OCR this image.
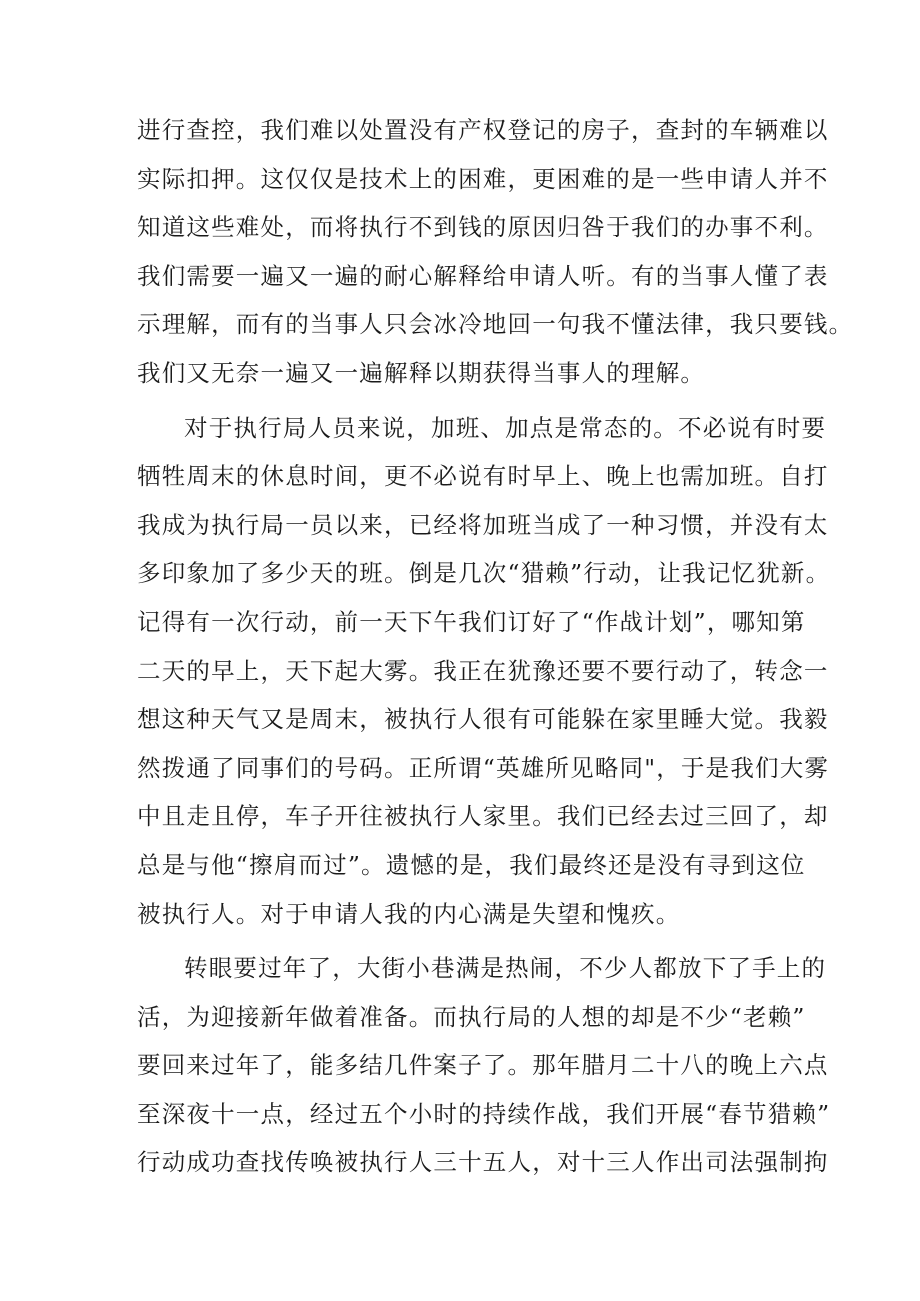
进行查控，我们难以处置没有产权登记的房子，查封的车辆难以
实际扣押。这仅仅是技术上的困难，更困难的是一些申请人并不
知道这些难处，而将执行不到钱的原因归咎于我们的办事不利。
我们需要一遍又一遍的耐心解释给申请人听。有的当事人懂了表
示理解，而有的当事人只会冰冷地回一句我不懂法律，我只要钱。
我们又无奈一遍又一遍解释以期获得当事人的理解。
对于执行局人员来说，加班、加点是常态的。不必说有时要
牺牲周末的休息时间，更不必说有时早上、晚上也需加班。自打
我成为执行局一员以来，已经将加班当成了一种习惯，并没有太
多印象加了多少天的班。倒是几次“猎赖”行动，让我记忆犹新。
记得有一次行动，前一天下午我们订好了“作战计划”，哪知第
二天的早上，天下起大雾。我正在犹豫还要不要行动了，转念一
想这种天气又是周末，被执行人很有可能躲在家里睡大觉。我毅
然拨通了同事们的号码。正所谓“英雄所见略同"，于是我们大雾
中且走且停，车子开往被执行人家里。我们已经去过三回了，却
总是与他“擦肩而过”。遗憾的是，我们最终还是没有寻到这位
被执行人。对于申请人我的内心满是失望和愧疚。
转眼要过年了，大街小巷满是热闹，不少人都放下了手上的
活，为迎接新年做着准备。而执行局的人想的却是不少“老赖”
要回来过年了，能多结几件案子了。那年腊月二十八的晚上六点
至深夜十一点，经过五个小时的持续作战，我们开展“春节猎赖”
行动成功查找传唤被执行人三十五人，对十三人作出司法强制拘
